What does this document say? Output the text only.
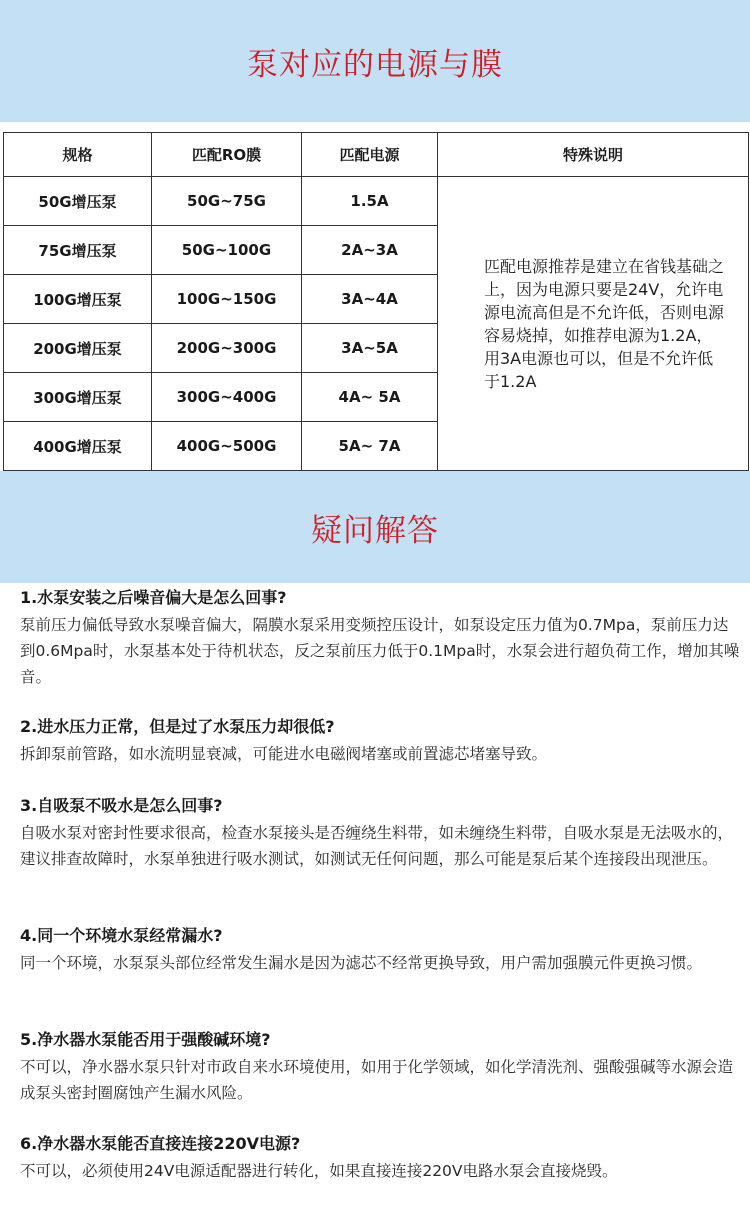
泵对应的电源与膜
规格	匹配RO膜	匹配电源	特殊说明
50G增压泵	50G~75G	1.5A	匹配电源推荐是建立在省钱基础之上，因为电源只要是24V，允许电源电流高但是不允许低，否则电源容易烧掉，如推荐电源为1.2A，用3A电源也可以，但是不允许低于1.2A
75G增压泵	50G~100G	2A~3A	
100G增压泵	100G~150G	3A~4A	
200G增压泵	200G~300G	3A~5A	
300G增压泵	300G~400G	4A~ 5A	
400G增压泵	400G~500G	5A~ 7A	
疑问解答
1.水泵安装之后噪音偏大是怎么回事?
泵前压力偏低导致水泵噪音偏大，隔膜水泵采用变频控压设计，如泵设定压力值为0.7Mpa，泵前压力达到0.6Mpa时，水泵基本处于待机状态，反之泵前压力低于0.1Mpa时，水泵会进行超负荷工作，增加其噪音。
2.进水压力正常，但是过了水泵压力却很低?
拆卸泵前管路，如水流明显衰减，可能进水电磁阀堵塞或前置滤芯堵塞导致。
3.自吸泵不吸水是怎么回事?
自吸水泵对密封性要求很高，检查水泵接头是否缠绕生料带，如未缠绕生料带，自吸水泵是无法吸水的，建议排查故障时，水泵单独进行吸水测试，如测试无任何问题，那么可能是泵后某个连接段出现泄压。
4.同一个环境水泵经常漏水?
同一个环境，水泵泵头部位经常发生漏水是因为滤芯不经常更换导致，用户需加强膜元件更换习惯。
5.净水器水泵能否用于强酸碱环境?
不可以，净水器水泵只针对市政自来水环境使用，如用于化学领域，如化学清洗剂、强酸强碱等水源会造成泵头密封圈腐蚀产生漏水风险。
6.净水器水泵能否直接连接220V电源?
不可以，必须使用24V电源适配器进行转化，如果直接连接220V电路水泵会直接烧毁。
